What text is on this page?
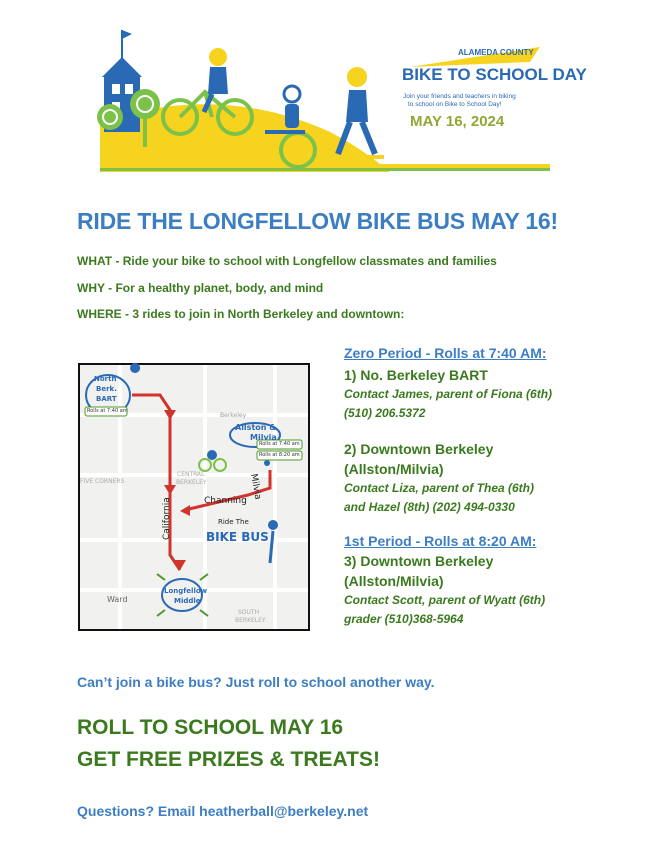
ALAMEDA COUNTY
BIKE TO SCHOOL DAY
Join your friends and teachers in biking
to school on Bike to School Day!
MAY 16, 2024
RIDE THE LONGFELLOW BIKE BUS MAY 16!

WHAT - Ride your bike to school with Longfellow classmates and families

WHY - For a healthy planet, body, and mind

WHERE - 3 rides to join in North Berkeley and downtown:

North
Berk.
BART
Rolls at 7:40 am
Berkeley
Allston &
Milvia
Rolls at 7:40 am
Rolls at 8:20 am
Milvia
Channing
California	Ride The
BIKE BUS
Longfellow
Middle
Ward
FIVE CORNERS
CENTRAL
BERKELEY
SOUTH
BERKELEY

Zero Period - Rolls at 7:40 AM:

1) No. Berkeley BART

Contact James, parent of Fiona (6th)

(510) 206.5372

2) Downtown Berkeley

(Allston/Milvia)

Contact Liza, parent of Thea (6th)

and Hazel (8th) (202) 494-0330

1st Period - Rolls at 8:20 AM:

3) Downtown Berkeley

(Allston/Milvia)

Contact Scott, parent of Wyatt (6th)

grader (510)368-5964

Can’t join a bike bus? Just roll to school another way.

ROLL TO SCHOOL MAY 16

GET FREE PRIZES & TREATS!

Questions? Email heatherball@berkeley.net
